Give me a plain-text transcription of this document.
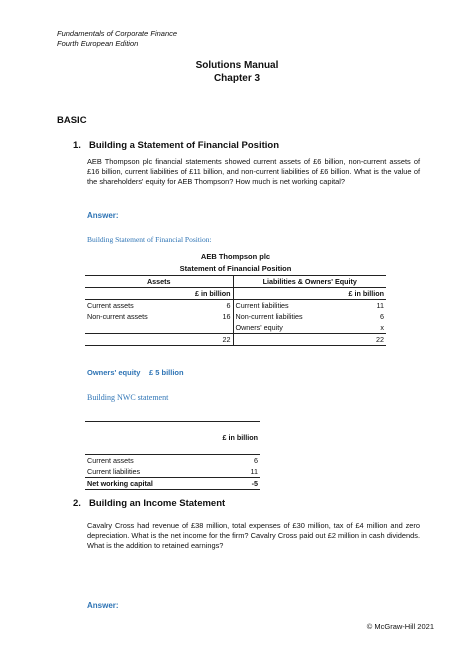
Fundamentals of Corporate Finance
Fourth European Edition
Solutions Manual
Chapter 3
BASIC
1. Building a Statement of Financial Position
AEB Thompson plc financial statements showed current assets of £6 billion, non-current assets of £16 billion, current liabilities of £11 billion, and non-current liabilities of £6 billion. What is the value of the shareholders' equity for AEB Thompson? How much is net working capital?
Answer:
Building Statement of Financial Position:
AEB Thompson plc
Statement of Financial Position
Assets		Liabilities & Owners' Equity	
	£ in billion		£ in billion
Current assets	6	Current liabilities	11
Non-current assets	16	Non-current liabilities	6
		Owners' equity	x
	22		22
Owners' equity £ 5 billion
Building NWC statement
	£ in billion
Current assets	6
Current liabilities	11
Net working capital	-5
2. Building an Income Statement
Cavalry Cross had revenue of £38 million, total expenses of £30 million, tax of £4 million and zero depreciation. What is the net income for the firm? Cavalry Cross paid out £2 million in cash dividends. What is the addition to retained earnings?
Answer:
© McGraw-Hill 2021
